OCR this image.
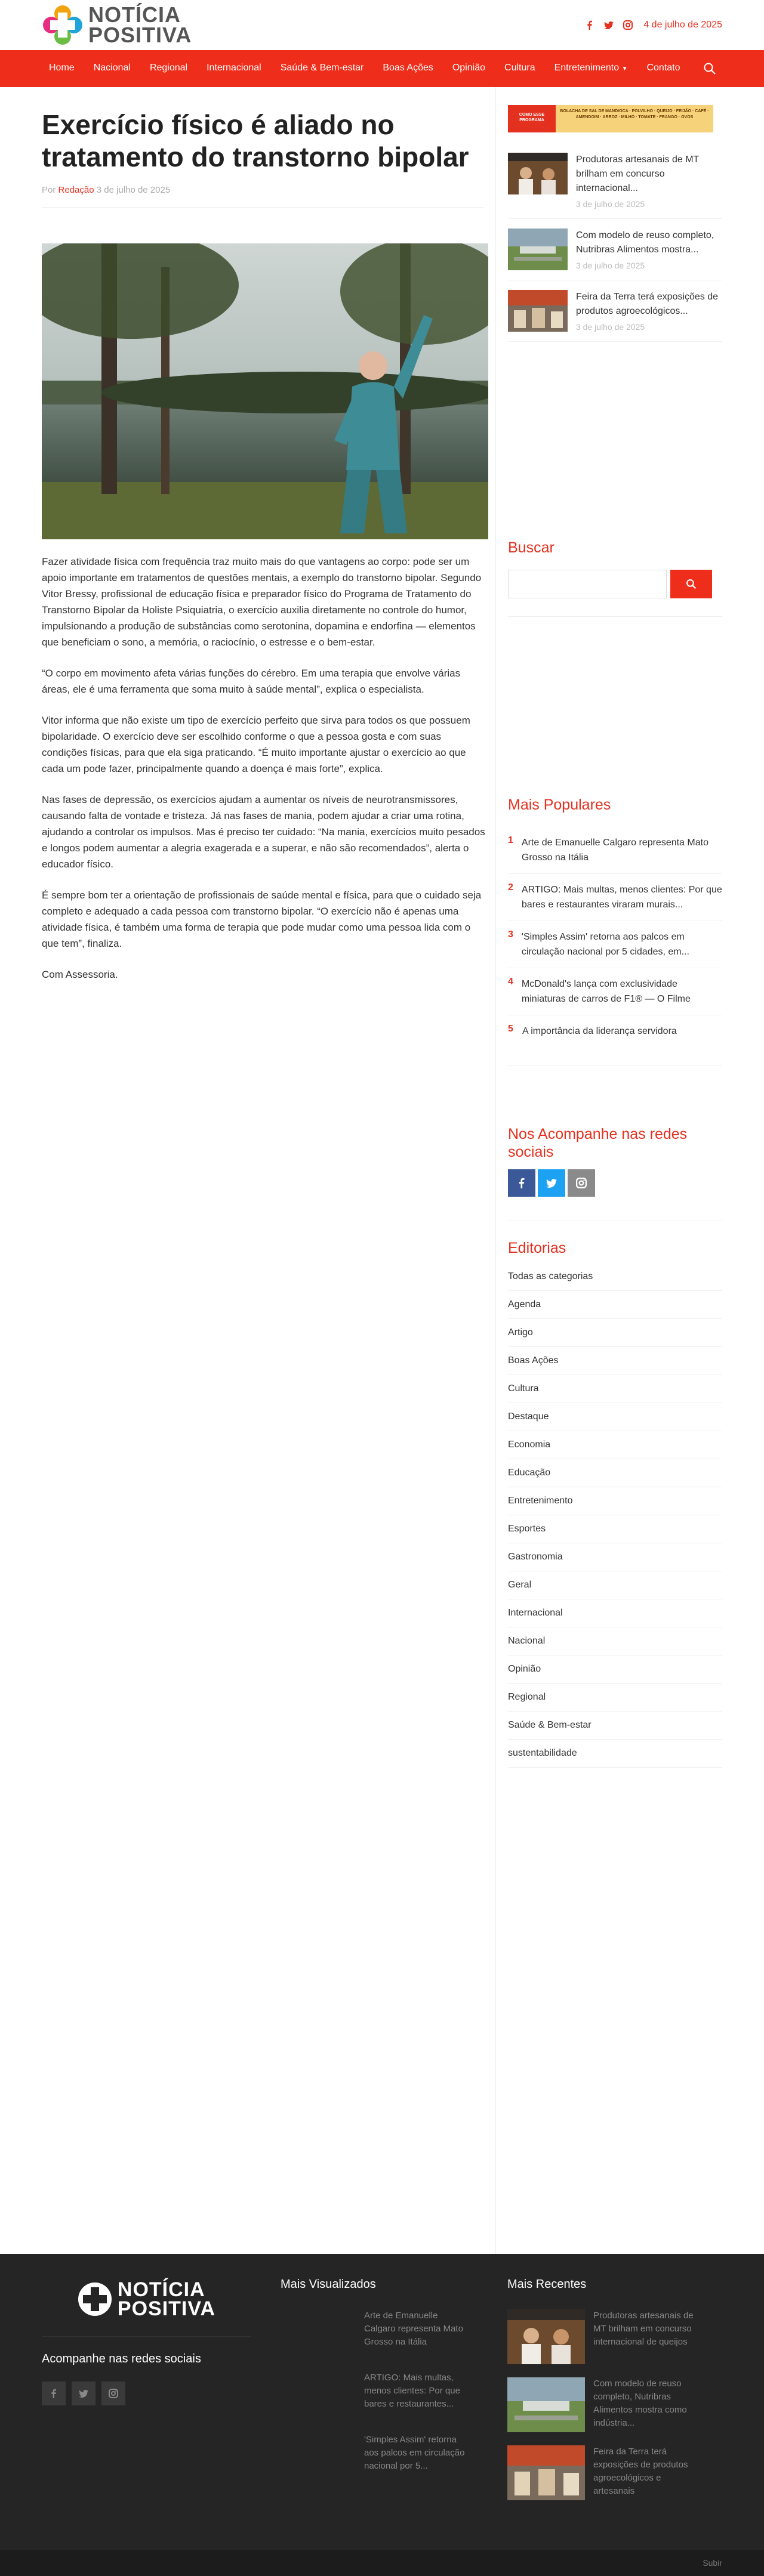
NOTÍCIA
POSITIVA	4 de julho de 2025
Home	Nacional	Regional	Internacional	Saúde & Bem-estar	Boas Ações	Opinião	Cultura	Entretenimento ▼	Contato
Exercício físico é aliado no tratamento do transtorno bipolar
Por Redação 3 de julho de 2025

Fazer atividade física com frequência traz muito mais do que vantagens ao corpo: pode ser um apoio importante em tratamentos de questões mentais, a exemplo do transtorno bipolar. Segundo Vitor Bressy, profissional de educação física e preparador físico do Programa de Tratamento do Transtorno Bipolar da Holiste Psiquiatria, o exercício auxilia diretamente no controle do humor, impulsionando a produção de substâncias como serotonina, dopamina e endorfina — elementos que beneficiam o sono, a memória, o raciocínio, o estresse e o bem-estar.

“O corpo em movimento afeta várias funções do cérebro. Em uma terapia que envolve várias áreas, ele é uma ferramenta que soma muito à saúde mental”, explica o especialista.

Vitor informa que não existe um tipo de exercício perfeito que sirva para todos os que possuem bipolaridade. O exercício deve ser escolhido conforme o que a pessoa gosta e com suas condições físicas, para que ela siga praticando. “É muito importante ajustar o exercício ao que cada um pode fazer, principalmente quando a doença é mais forte”, explica.

Nas fases de depressão, os exercícios ajudam a aumentar os níveis de neurotransmissores, causando falta de vontade e tristeza. Já nas fases de mania, podem ajudar a criar uma rotina, ajudando a controlar os impulsos. Mas é preciso ter cuidado: “Na mania, exercícios muito pesados e longos podem aumentar a alegria exagerada e a superar, e não são recomendados”, alerta o educador físico.

É sempre bom ter a orientação de profissionais de saúde mental e física, para que o cuidado seja completo e adequado a cada pessoa com transtorno bipolar. “O exercício não é apenas uma atividade física, é também uma forma de terapia que pode mudar como uma pessoa lida com o que tem”, finaliza.

Com Assessoria.

COMO ESSE PROGRAMA
BOLACHA DE SAL DE MANDIOCA · POLVILHO · QUEIJO · FEIJÃO · CAFÉ · AMENDOIM · ARROZ · MILHO · TOMATE · FRANGO · OVOS
Produtoras artesanais de MT brilham em concurso internacional...
3 de julho de 2025
Com modelo de reuso completo, Nutribras Alimentos mostra...
3 de julho de 2025
Feira da Terra terá exposições de produtos agroecológicos...
3 de julho de 2025
Buscar
Mais Populares
1 Arte de Emanuelle Calgaro representa Mato Grosso na Itália
2 ARTIGO: Mais multas, menos clientes: Por que bares e restaurantes viraram murais...
3 'Simples Assim' retorna aos palcos em circulação nacional por 5 cidades, em...
4 McDonald's lança com exclusividade miniaturas de carros de F1® — O Filme
5 A importância da liderança servidora
Nos Acompanhe nas redes sociais
Editorias
Todas as categorias
Agenda
Artigo
Boas Ações
Cultura
Destaque
Economia
Educação
Entretenimento
Esportes
Gastronomia
Geral
Internacional
Nacional
Opinião
Regional
Saúde & Bem-estar
sustentabilidade
NOTÍCIA
POSITIVA
Acompanhe nas redes sociais
Mais Visualizados
Arte de Emanuelle Calgaro representa Mato Grosso na Itália
ARTIGO: Mais multas, menos clientes: Por que bares e restaurantes...
'Simples Assim' retorna aos palcos em circulação nacional por 5...
Mais Recentes
Produtoras artesanais de MT brilham em concurso internacional de queijos
Com modelo de reuso completo, Nutribras Alimentos mostra como indústria...
Feira da Terra terá exposições de produtos agroecológicos e artesanais
Subir
